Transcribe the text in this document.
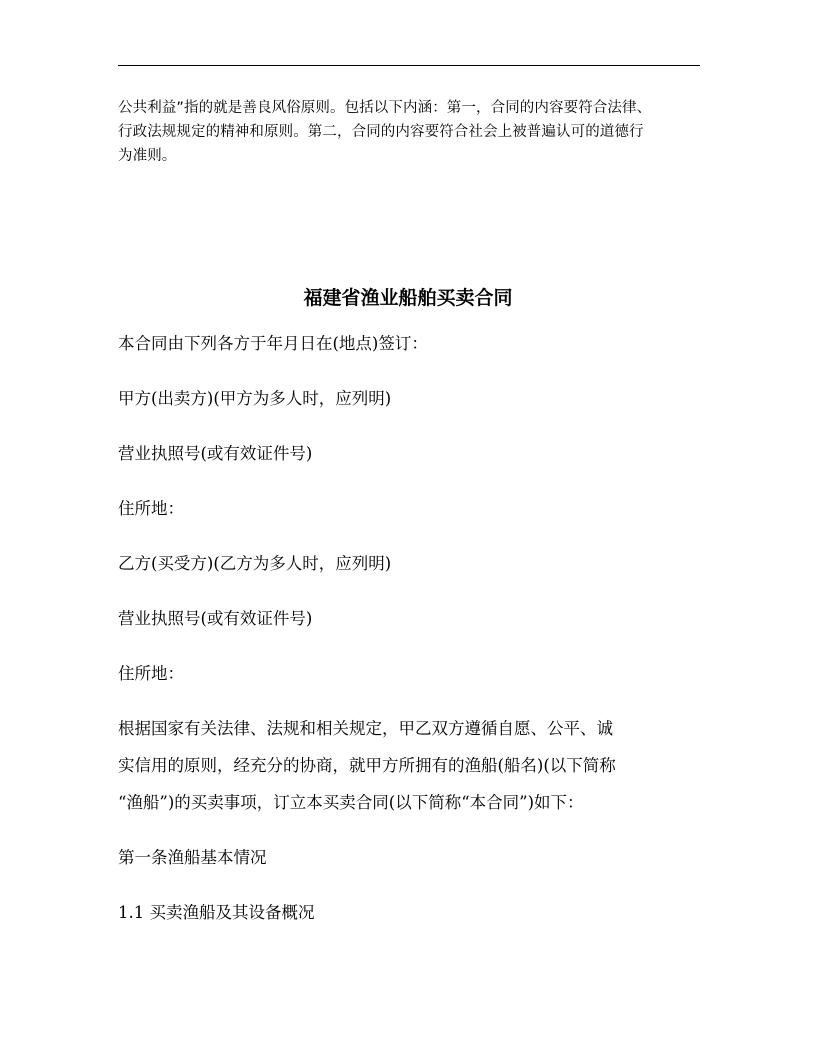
公共利益”指的就是善良风俗原则。包括以下内涵：第一，合同的内容要符合法律、
行政法规规定的精神和原则。第二，合同的内容要符合社会上被普遍认可的道德行
为准则。
福建省渔业船舶买卖合同
本合同由下列各方于年月日在(地点)签订：
甲方(出卖方)(甲方为多人时，应列明)
营业执照号(或有效证件号)
住所地：
乙方(买受方)(乙方为多人时，应列明)
营业执照号(或有效证件号)
住所地：
根据国家有关法律、法规和相关规定，甲乙双方遵循自愿、公平、诚
实信用的原则，经充分的协商，就甲方所拥有的渔船(船名)(以下简称
“渔船”)的买卖事项，订立本买卖合同(以下简称“本合同”)如下：
第一条渔船基本情况
1.1 买卖渔船及其设备概况
